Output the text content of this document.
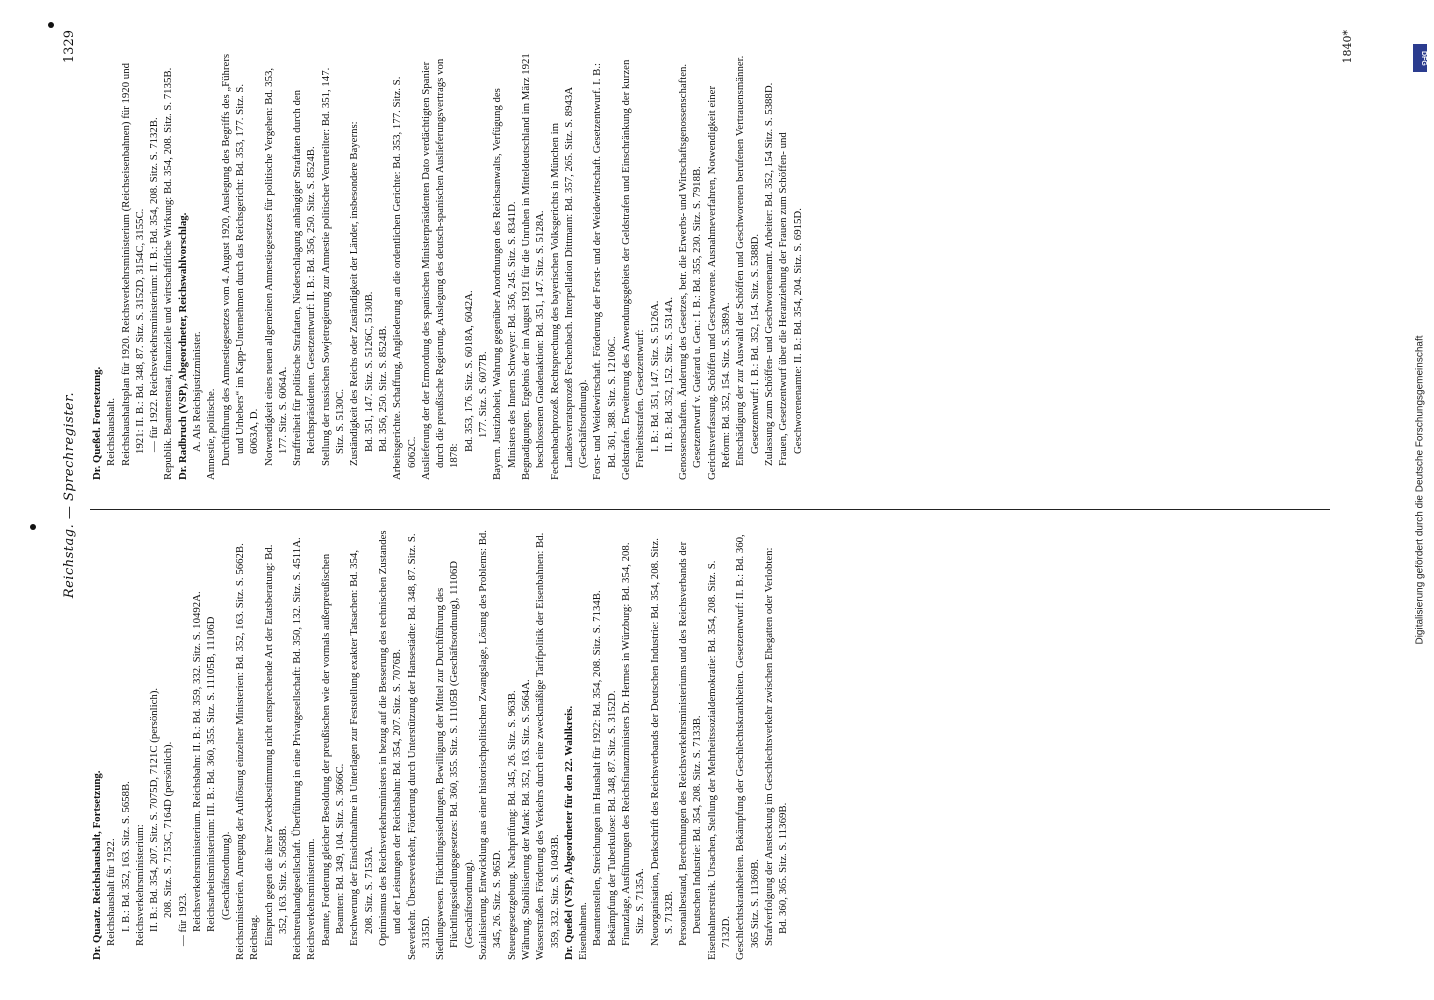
Reichstag. — Sprechregister.
1329

Dr. Quaatz. Reichshaushalt, Fortsetzung. Reichshaushalt für 1922. I. B.: Bd. 352, 163. Sitz. S. 5658B. Reichsverkehrsministerium: II. B.: Bd. 354, 207. Sitz. S. 7075D, 7121C (persönlich). 208. Sitz. S. 7153C, 7164D (persönlich).

— für 1923. Reichsverkehrsministerium. Reichsbahn: II. B.: Bd. 359, 332. Sitz. S. 10492A. Reichsarbeitsministerium: III. B.: Bd. 360, 355. Sitz. S. 11105B, 11106D (Geschäftsordnung). Reichsministerien. Anregung der Auflösung einzelner Ministerien: Bd. 352, 163. Sitz. S. 5662B. Reichstag. Einspruch gegen die ihrer Zweckbestimmung nicht entsprechende Art der Etatsberatung: Bd. 352, 163. Sitz. S. 5658B. Reichstreuhandgesellschaft. Überführung in eine Privatgesellschaft: Bd. 350, 132. Sitz. S. 4511A. Reichsverkehrsministerium. Beamte, Forderung gleicher Besoldung der preußischen wie der vormals außerpreußischen Beamten: Bd. 349, 104. Sitz. S. 3666C. Erschwerung der Einsichtnahme in Unterlagen zur Feststellung exakter Tatsachen: Bd. 354, 208. Sitz. S. 7153A. Optimismus des Reichsverkehrsministers in bezug auf die Besserung des technischen Zustandes und der Leistungen der Reichsbahn: Bd. 354, 207. Sitz. S. 7076B. Seeverkehr. Überseeverkehr, Förderung durch Unterstützung der Hansestädte: Bd. 348, 87. Sitz. S. 3135D. Siedlungswesen. Flüchtlingssiedlungen, Bewilligung der Mittel zur Durchführung des Flüchtlingssiedlungsgesetzes: Bd. 360, 355. Sitz. S. 11105B (Geschäftsordnung), 11106D (Geschäftsordnung). Sozialisierung. Entwicklung aus einer historischpolitischen Zwangslage, Lösung des Problems: Bd. 345, 26. Sitz. S. 965D. Steuergesetzgebung. Nachprüfung: Bd. 345, 26. Sitz. S. 963B. Währung. Stabilisierung der Mark: Bd. 352, 163. Sitz. S. 5664A. Wasserstraßen. Förderung des Verkehrs durch eine zweckmäßige Tarifpolitik der Eisenbahnen: Bd. 359, 332. Sitz. S. 10493B. Dr. Queßel (VSP), Abgeordneter für den 22. Wahlkreis. Eisenbahnen. Beamtenstellen, Streichungen im Haushalt für 1922: Bd. 354, 208. Sitz. S. 7134B. Bekämpfung der Tuberkulose: Bd. 348, 87. Sitz. S. 3152D. Finanzlage, Ausführungen des Reichsfinanzministers Dr. Hermes in Würzburg: Bd. 354, 208. Sitz. S. 7135A. Neuorganisation, Denkschrift des Reichsverbands der Deutschen Industrie: Bd. 354, 208. Sitz. S. 7132B. Personalbestand, Berechnungen des Reichsverkehrsministeriums und des Reichsverbands der Deutschen Industrie: Bd. 354, 208. Sitz. S. 7133B. Eisenbahnerstreik. Ursachen, Stellung der Mehrheitssozialdemokratie: Bd. 354, 208. Sitz. S. 7132D. Geschlechtskrankheiten. Bekämpfung der Geschlechtskrankheiten. Gesetzentwurf: II. B.: Bd. 360, 365 Sitz. S. 11369B. Strafverfolgung der Ansteckung im Geschlechtsverkehr zwischen Ehegatten oder Verlobten: Bd. 360, 365. Sitz. S. 11369B.

Dr. Queßel. Fortsetzung. Reichshaushalt. Reichshaushaltsplan für 1920. Reichsverkehrsministerium (Reichseisenbahnen) für 1920 und 1921: II. B.: Bd. 348, 87. Sitz. S. 3152D, 3154C, 3155C. — für 1922. Reichsverkehrsministerium: II. B.: Bd. 354, 208. Sitz. S. 7132B. Republik. Beamtenstaat, finanzielle und wirtschaftliche Wirkung: Bd. 354, 208. Sitz. S. 7135B. Dr. Radbruch (VSP), Abgeordneter, Reichswahlvorschlag. A. Als Reichsjustizminister. Amnestie, politische. Durchführung des Amnestiegesetzes vom 4. August 1920, Auslegung des Begriffs des „Führers und Urhebers“ im Kapp-Unternehmen durch das Reichsgericht: Bd. 353, 177. Sitz. S. 6063A, D. Notwendigkeit eines neuen allgemeinen Amnestiegesetzes für politische Vergehen: Bd. 353, 177. Sitz. S. 6064A. Straffreiheit für politische Straftaten, Niederschlagung anhängiger Straftaten durch den Reichspräsidenten. Gesetzentwurf: II. B.: Bd. 356, 250. Sitz. S. 8524B. Stellung der russischen Sowjetregierung zur Amnestie politischer Verurteilter: Bd. 351, 147. Sitz. S. 5130C. Zuständigkeit des Reichs oder Zuständigkeit der Länder, insbesondere Bayerns: Bd. 351, 147. Sitz. S. 5126C, 5130B. Bd. 356, 250. Sitz. S. 8524B. Arbeitsgerichte. Schaffung, Angliederung an die ordentlichen Gerichte: Bd. 353, 177. Sitz. S. 6062C. Auslieferung der der Ermordung des spanischen Ministerpräsidenten Dato verdächtigten Spanier durch die preußische Regierung, Auslegung des deutsch-spanischen Auslieferungsvertrags von 1878:

Bd. 353, 176. Sitz. S. 6018A, 6042A. 177. Sitz. S. 6077B. Bayern. Justizhoheit, Wahrung gegenüber Anordnungen des Reichsanwalts, Verfügung des Ministers des Innern Schweyer: Bd. 356, 245. Sitz. S. 8341D. Begnadigungen. Ergebnis der im August 1921 für die Unruhen in Mitteldeutschland im März 1921 beschlossenen Gnadenaktion: Bd. 351, 147. Sitz. S. 5128A. Fechenbachprozeß. Rechtsprechung des bayerischen Volksgerichts in München im Landesverratsprozeß Fechenbach. Interpellation Dittmann: Bd. 357, 265. Sitz. S. 8943A (Geschäftsordnung). Forst- und Weidewirtschaft. Förderung der Forst- und der Weidewirtschaft. Gesetzentwurf. I. B.: Bd. 361, 388. Sitz. S. 12106C. Geldstrafen. Erweiterung des Anwendungsgebiets der Geldstrafen und Einschränkung der kurzen Freiheitsstrafen. Gesetzentwurf: I. B.: Bd. 351, 147. Sitz. S. 5126A. II. B.: Bd. 352, 152. Sitz. S. 5314A. Genossenschaften. Änderung des Gesetzes, betr. die Erwerbs- und Wirtschaftsgenossenschaften. Gesetzentwurf v. Guérard u. Gen.: I. B.: Bd. 355, 230. Sitz. S. 7918B. Gerichtsverfassung. Schöffen und Geschworene. Ausnahmeverfahren, Notwendigkeit einer Reform: Bd. 352, 154. Sitz. S. 5389A. Entschädigung der zur Auswahl der Schöffen und Geschworenen berufenen Vertrauensmänner. Gesetzentwurf: I. B.: Bd. 352, 154. Sitz. S. 5388D. Zulassung zum Schöffen- und Geschworenenamt. Arbeiter: Bd. 352, 154 Sitz. S. 5388D. Frauen, Gesetzentwurf über die Heranziehung der Frauen zum Schöffen- und Geschworenenamte: II. B.: Bd. 354, 204. Sitz. S. 6915D.

1840*	DFG
Digitalisierung gefördert durch die Deutsche Forschungsgemeinschaft
